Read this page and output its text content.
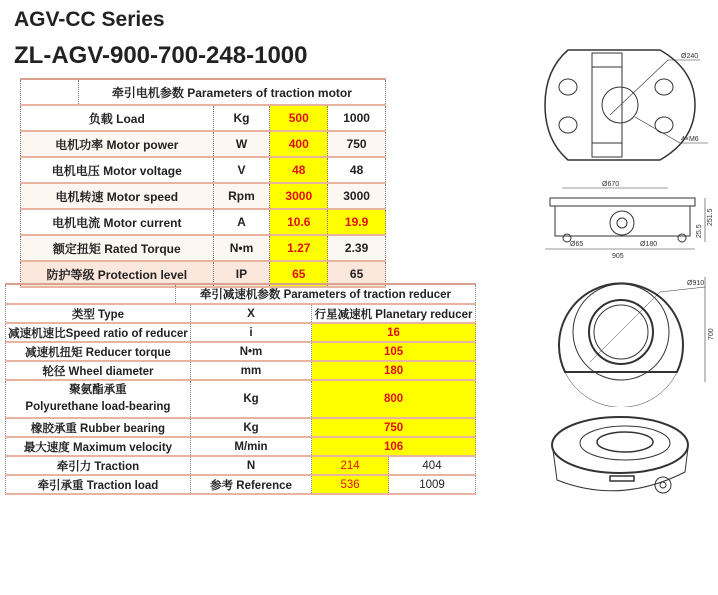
AGV-CC Series
ZL-AGV-900-700-248-1000
	牵引电机参数 Parameters of traction motor			
负载 Load		Kg	500	1000
电机功率 Motor power		W	400	750
电机电压 Motor voltage		V	48	48
电机转速 Motor speed		Rpm	3000	3000
电机电流 Motor current		A	10.6	19.9
额定扭矩 Rated Torque		N•m	1.27	2.39
防护等级 Protection level		IP	65	65
	牵引减速机参数 Parameters of traction reducer			
类型 Type		X	行星减速机 Planetary reducer	
减速机速比Speed ratio of reducer		i	16	
减速机扭矩 Reducer torque		N•m	105	
轮径 Wheel diameter		mm	180	

聚氨酯承重
Polyurethane load-bearing		Kg	800	
橡胶承重 Rubber bearing		Kg	750	
最大速度 Maximum velocity		M/min	106	
牵引力 Traction		N	214	404
牵引承重 Traction load		参考 Reference	536	1009
Ø240
4×M6
Ø670
905
Ø65	Ø180
25.5
251.5
Ø910
700
